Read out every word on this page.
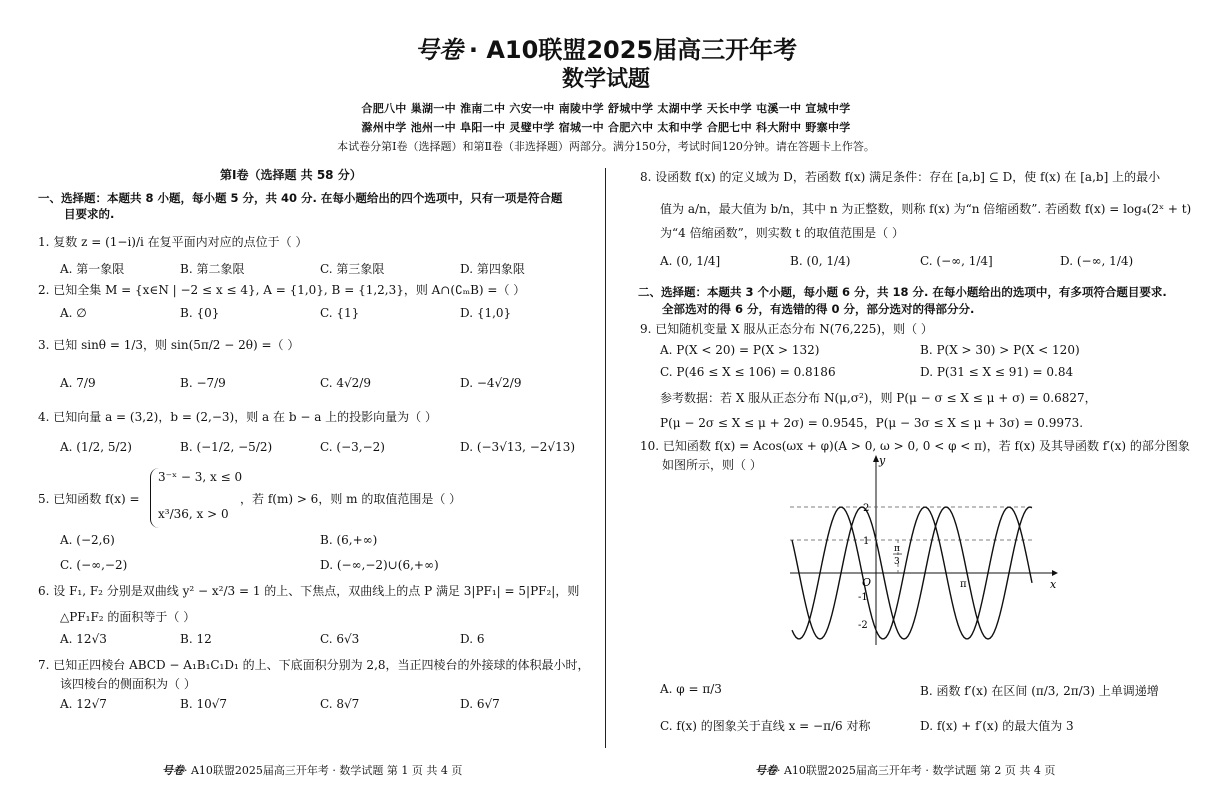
号卷 · A10联盟2025届高三开年考
数学试题
合肥八中 巢湖一中 淮南二中 六安一中 南陵中学 舒城中学 太湖中学 天长中学 屯溪一中 宣城中学
滁州中学 池州一中 阜阳一中 灵璧中学 宿城一中 合肥六中 太和中学 合肥七中 科大附中 野寨中学
本试卷分第Ⅰ卷（选择题）和第Ⅱ卷（非选择题）两部分。满分150分，考试时间120分钟。请在答题卡上作答。
第Ⅰ卷（选择题 共 58 分）
一、选择题：本题共 8 小题，每小题 5 分，共 40 分. 在每小题给出的四个选项中，只有一项是符合题
目要求的.
1. 复数 z = (1−i)/i 在复平面内对应的点位于（ ）
A. 第一象限	B. 第二象限	C. 第三象限	D. 第四象限
2. 已知全集 M = {x∈N | −2 ≤ x ≤ 4}, A = {1,0}, B = {1,2,3}，则 A∩(∁ₘB) =（ ）
A. ∅	B. {0}	C. {1}	D. {1,0}
3. 已知 sinθ = 1/3，则 sin(5π/2 − 2θ) =（ ）
A. 7/9	B. −7/9	C. 4√2/9	D. −4√2/9
4. 已知向量 a = (3,2)，b = (2,−3)，则 a 在 b − a 上的投影向量为（ ）
A. (1/2, 5/2)	B. (−1/2, −5/2)	C. (−3,−2)	D. (−3√13, −2√13)
5. 已知函数 f(x) =
3⁻ˣ − 3, x ≤ 0
x³/36, x > 0
，若 f(m) > 6，则 m 的取值范围是（ ）
A. (−2,6)	B. (6,+∞)
C. (−∞,−2)	D. (−∞,−2)∪(6,+∞)
6. 设 F₁, F₂ 分别是双曲线 y² − x²/3 = 1 的上、下焦点，双曲线上的点 P 满足 3|PF₁| = 5|PF₂|，则
△PF₁F₂ 的面积等于（ ）
A. 12√3	B. 12	C. 6√3	D. 6
7. 已知正四棱台 ABCD − A₁B₁C₁D₁ 的上、下底面积分别为 2,8，当正四棱台的外接球的体积最小时，
该四棱台的侧面积为（ ）
A. 12√7	B. 10√7	C. 8√7	D. 6√7
号卷· A10联盟2025届高三开年考 · 数学试题 第 1 页 共 4 页
8. 设函数 f(x) 的定义域为 D，若函数 f(x) 满足条件：存在 [a,b] ⊆ D，使 f(x) 在 [a,b] 上的最小
值为 a/n，最大值为 b/n，其中 n 为正整数，则称 f(x) 为“n 倍缩函数”. 若函数 f(x) = log₄(2ˣ + t)
为“4 倍缩函数”，则实数 t 的取值范围是（ ）
A. (0, 1/4]	B. (0, 1/4)	C. (−∞, 1/4]	D. (−∞, 1/4)
二、选择题：本题共 3 个小题，每小题 6 分，共 18 分. 在每小题给出的选项中，有多项符合题目要求.
全部选对的得 6 分，有选错的得 0 分，部分选对的得部分分.
9. 已知随机变量 X 服从正态分布 N(76,225)，则（ ）
A. P(X < 20) = P(X > 132)	B. P(X > 30) > P(X < 120)
C. P(46 ≤ X ≤ 106) = 0.8186	D. P(31 ≤ X ≤ 91) = 0.84
参考数据：若 X 服从正态分布 N(μ,σ²)，则 P(μ − σ ≤ X ≤ μ + σ) = 0.6827，
P(μ − 2σ ≤ X ≤ μ + 2σ) = 0.9545，P(μ − 3σ ≤ X ≤ μ + 3σ) = 0.9973.
10. 已知函数 f(x) = Acos(ωx + φ)(A > 0, ω > 0, 0 < φ < π)，若 f(x) 及其导函数 f′(x) 的部分图象
如图所示，则（ ）	y
x
O
2
1
-1
-2
π
3
π
A. φ = π/3	B. 函数 f′(x) 在区间 (π/3, 2π/3) 上单调递增
C. f(x) 的图象关于直线 x = −π/6 对称	D. f(x) + f′(x) 的最大值为 3
号卷· A10联盟2025届高三开年考 · 数学试题 第 2 页 共 4 页
